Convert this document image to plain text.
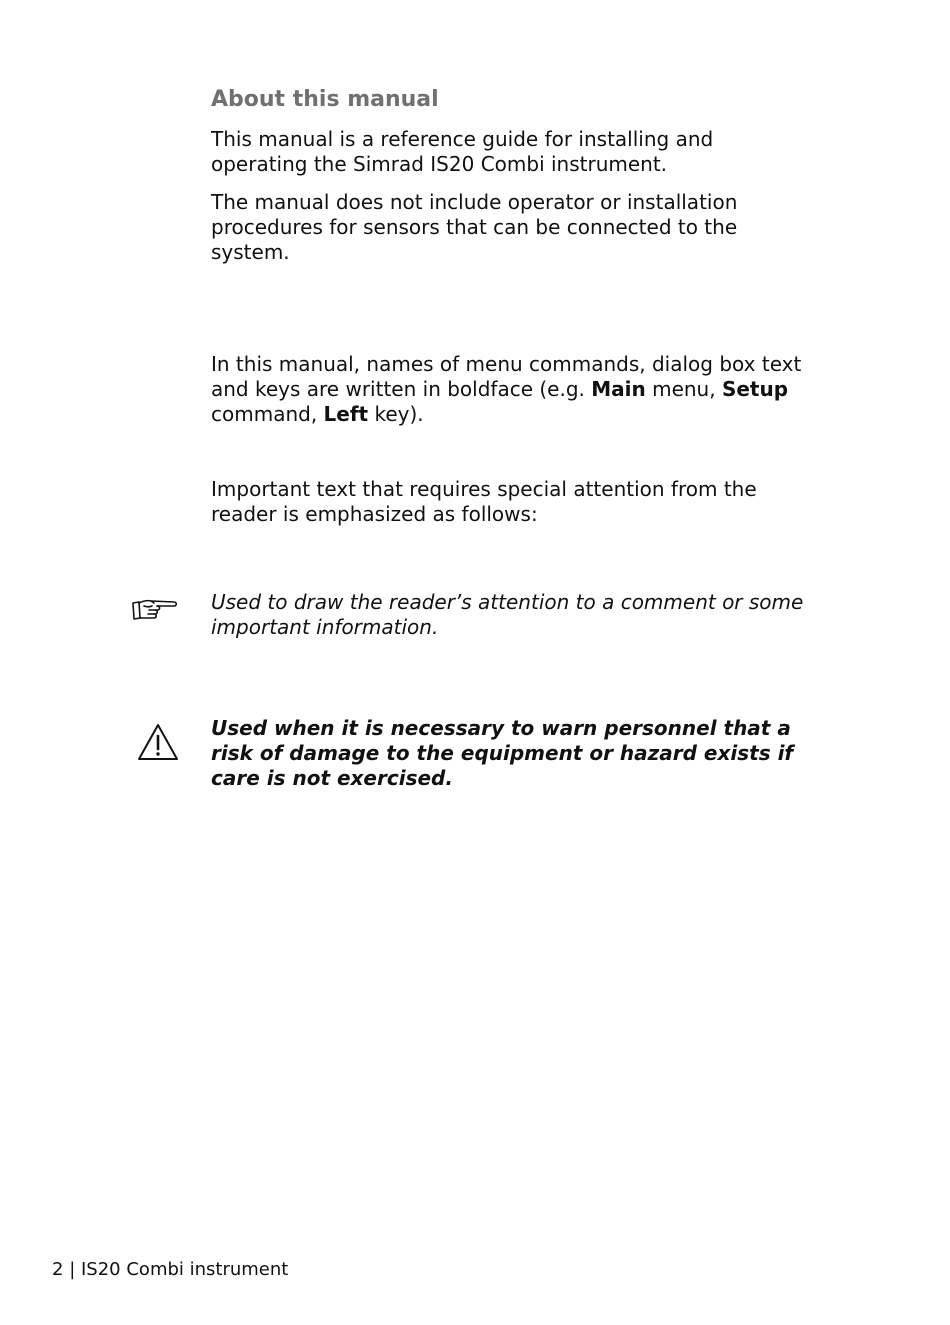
About this manual

This manual is a reference guide for installing and operating the Simrad IS20 Combi instrument.

The manual does not include operator or installation procedures for sensors that can be connected to the system.

In this manual, names of menu commands, dialog box text and keys are written in boldface (e.g. Main menu, Setup command, Left key).

Important text that requires special attention from the reader is emphasized as follows:

Used to draw the reader’s attention to a comment or some important information.

Used when it is necessary to warn personnel that a risk of damage to the equipment or hazard exists if care is not exercised.

2 | IS20 Combi instrument
